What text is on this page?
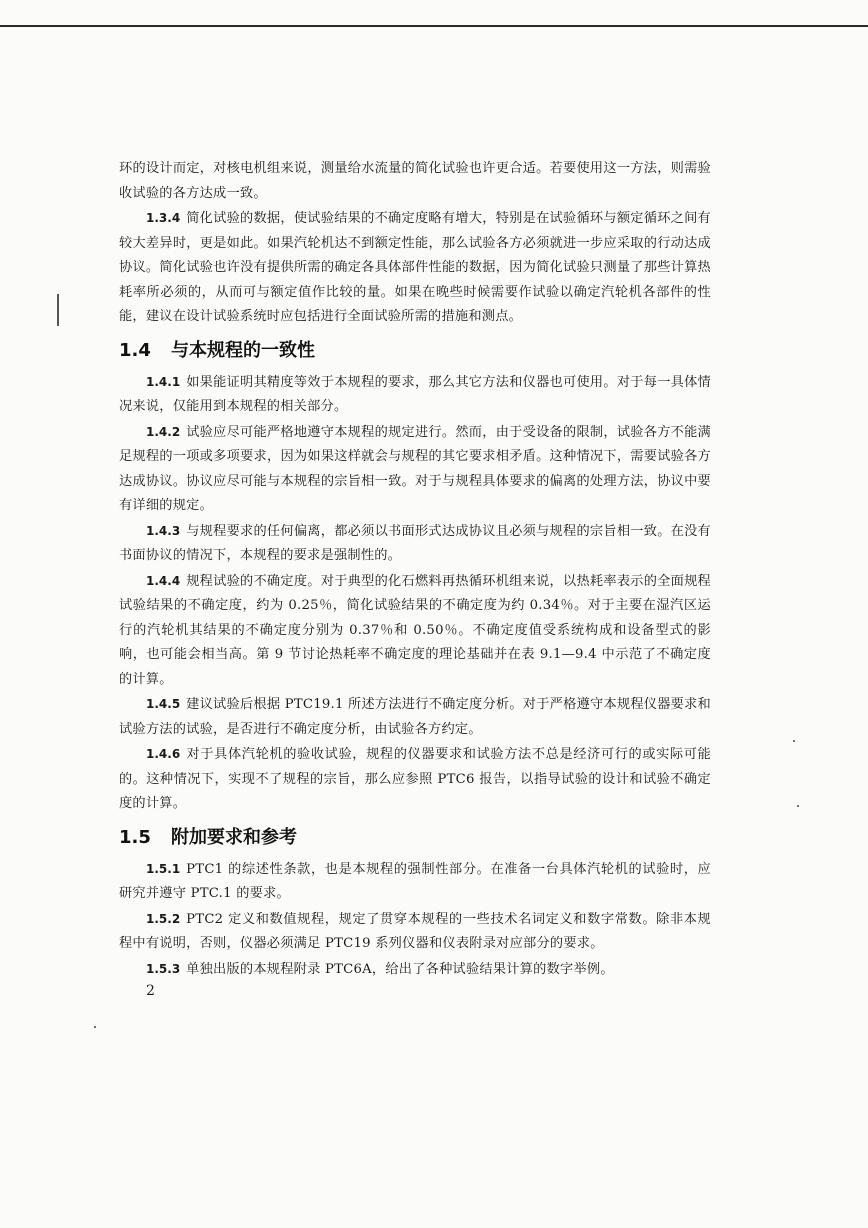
环的设计而定，对核电机组来说，测量给水流量的简化试验也许更合适。若要使用这一方法，则需验收试验的各方达成一致。

1.3.4 简化试验的数据，使试验结果的不确定度略有增大，特别是在试验循环与额定循环之间有较大差异时，更是如此。如果汽轮机达不到额定性能，那么试验各方必须就进一步应采取的行动达成协议。简化试验也许没有提供所需的确定各具体部件性能的数据，因为简化试验只测量了那些计算热耗率所必须的，从而可与额定值作比较的量。如果在晚些时候需要作试验以确定汽轮机各部件的性能，建议在设计试验系统时应包括进行全面试验所需的措施和测点。

1.4 与本规程的一致性

1.4.1 如果能证明其精度等效于本规程的要求，那么其它方法和仪器也可使用。对于每一具体情况来说，仅能用到本规程的相关部分。

1.4.2 试验应尽可能严格地遵守本规程的规定进行。然而，由于受设备的限制，试验各方不能满足规程的一项或多项要求，因为如果这样就会与规程的其它要求相矛盾。这种情况下，需要试验各方达成协议。协议应尽可能与本规程的宗旨相一致。对于与规程具体要求的偏离的处理方法，协议中要有详细的规定。

1.4.3 与规程要求的任何偏离，都必须以书面形式达成协议且必须与规程的宗旨相一致。在没有书面协议的情况下，本规程的要求是强制性的。

1.4.4 规程试验的不确定度。对于典型的化石燃料再热循环机组来说，以热耗率表示的全面规程试验结果的不确定度，约为 0.25％，简化试验结果的不确定度为约 0.34％。对于主要在湿汽区运行的汽轮机其结果的不确定度分别为 0.37％和 0.50％。不确定度值受系统构成和设备型式的影响，也可能会相当高。第 9 节讨论热耗率不确定度的理论基础并在表 9.1—9.4 中示范了不确定度的计算。

1.4.5 建议试验后根据 PTC19.1 所述方法进行不确定度分析。对于严格遵守本规程仪器要求和试验方法的试验，是否进行不确定度分析，由试验各方约定。

1.4.6 对于具体汽轮机的验收试验，规程的仪器要求和试验方法不总是经济可行的或实际可能的。这种情况下，实现不了规程的宗旨，那么应参照 PTC6 报告，以指导试验的设计和试验不确定度的计算。

1.5 附加要求和参考

1.5.1 PTC1 的综述性条款，也是本规程的强制性部分。在准备一台具体汽轮机的试验时，应研究并遵守 PTC.1 的要求。

1.5.2 PTC2 定义和数值规程，规定了贯穿本规程的一些技术名词定义和数字常数。除非本规程中有说明，否则，仪器必须满足 PTC19 系列仪器和仪表附录对应部分的要求。

1.5.3 单独出版的本规程附录 PTC6A，给出了各种试验结果计算的数字举例。

2
